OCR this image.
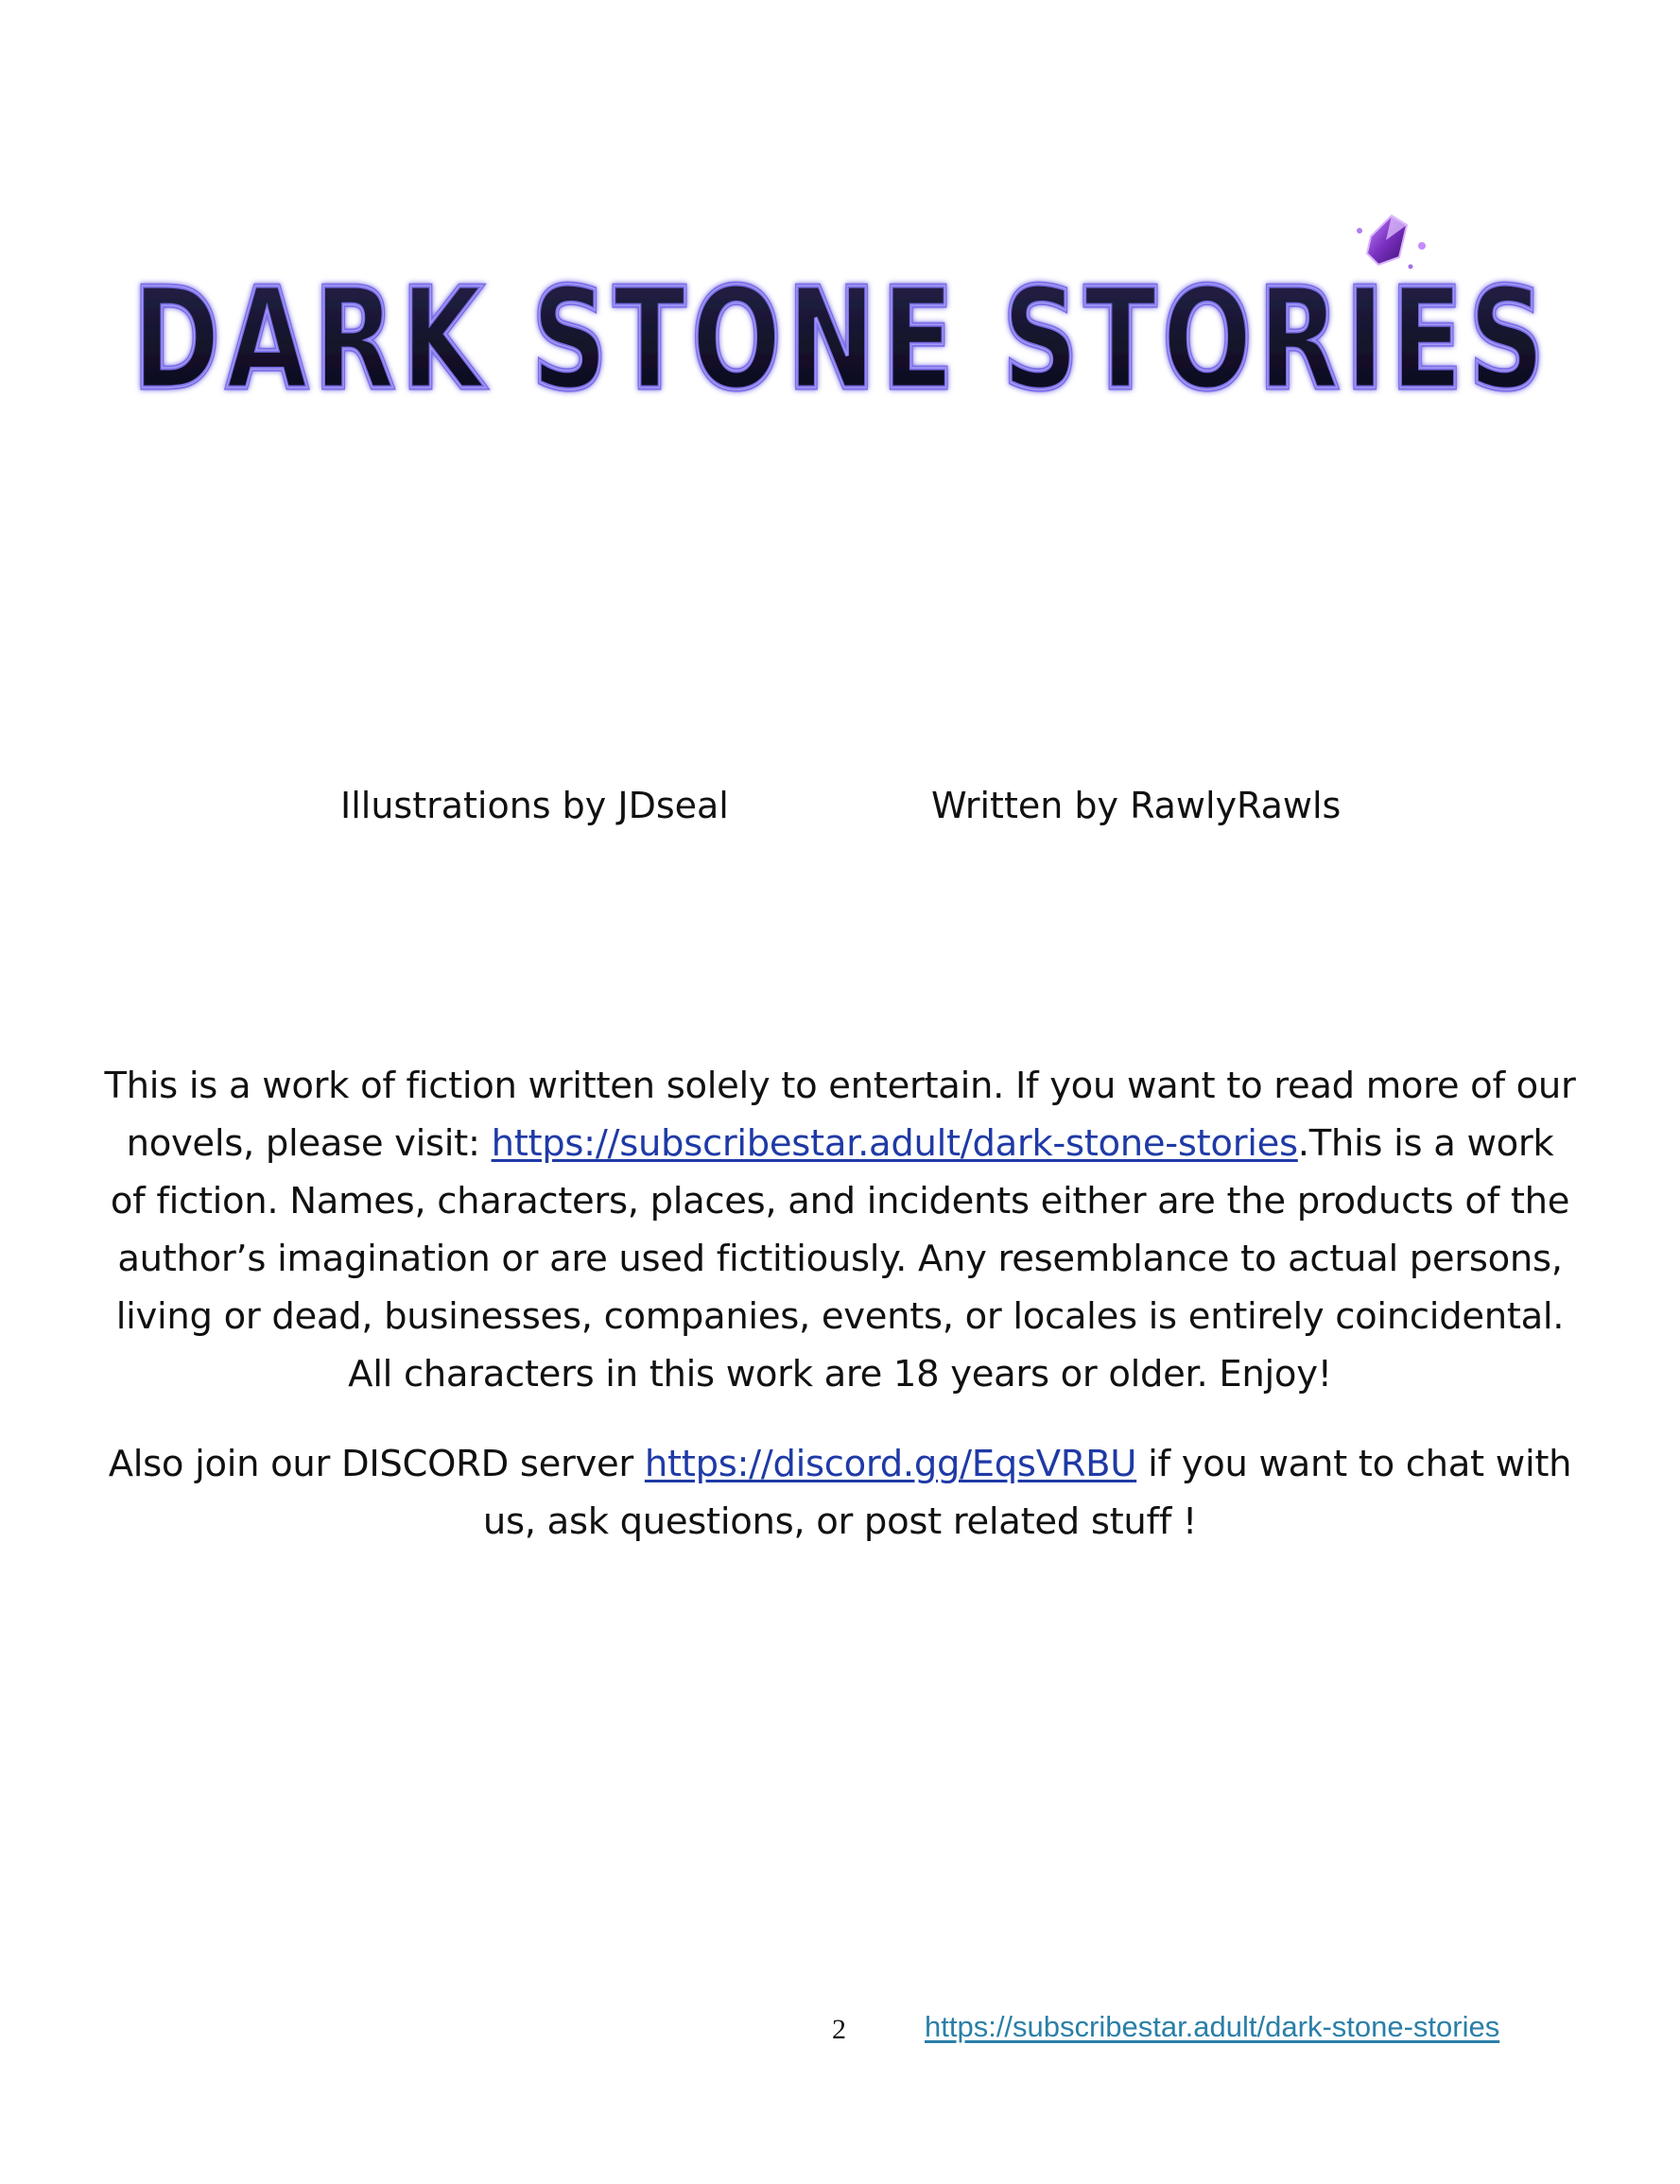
DARK STONE STORIES
DARK STONE STORIES
Illustrations by JDseal	Written by RawlyRawls

This is a work of fiction written solely to entertain. If you want to read more of our novels, please visit: https://subscribestar.adult/dark-stone-stories.This is a work of fiction. Names, characters, places, and incidents either are the products of the author’s imagination or are used fictitiously. Any resemblance to actual persons, living or dead, businesses, companies, events, or locales is entirely coincidental. All characters in this work are 18 years or older. Enjoy!

Also join our DISCORD server https://discord.gg/EqsVRBU if you want to chat with us, ask questions, or post related stuff !

2	https://subscribestar.adult/dark-stone-stories
